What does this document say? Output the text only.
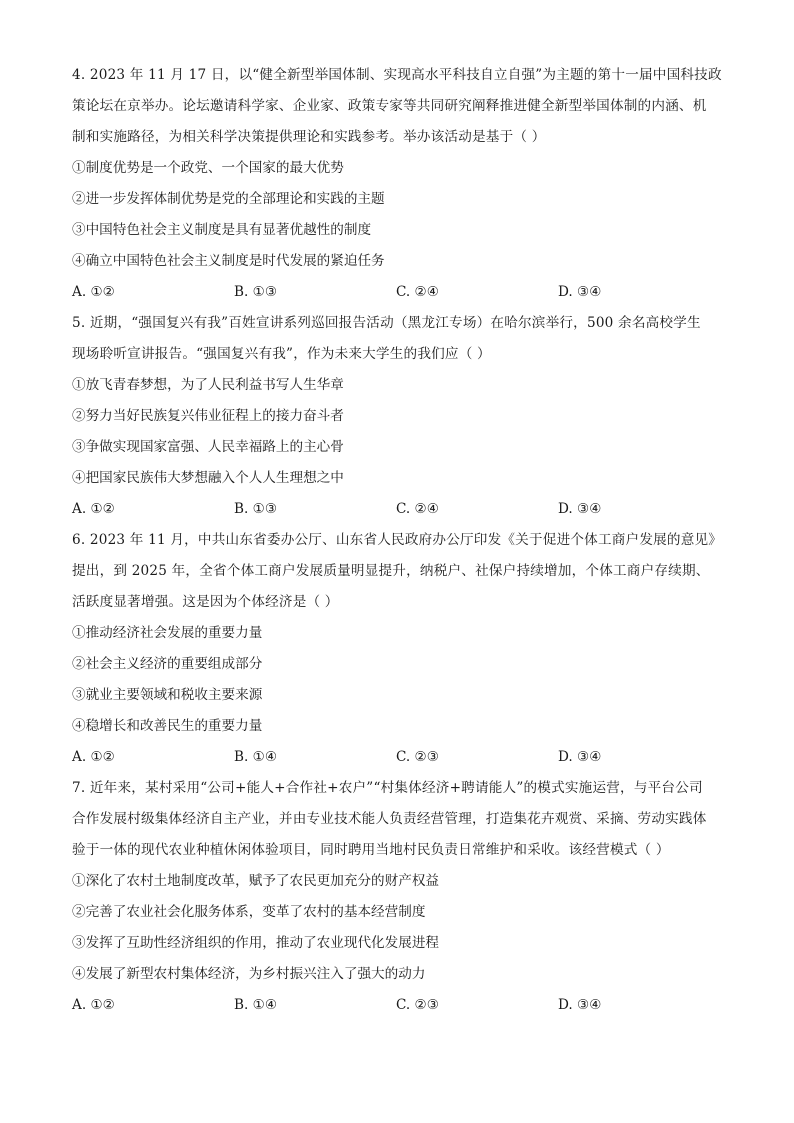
4. 2023 年 11 月 17 日，以“健全新型举国体制、实现高水平科技自立自强”为主题的第十一届中国科技政

策论坛在京举办。论坛邀请科学家、企业家、政策专家等共同研究阐释推进健全新型举国体制的内涵、机

制和实施路径，为相关科学决策提供理论和实践参考。举办该活动是基于（ ）

①制度优势是一个政党、一个国家的最大优势

②进一步发挥体制优势是党的全部理论和实践的主题

③中国特色社会主义制度是具有显著优越性的制度

④确立中国特色社会主义制度是时代发展的紧迫任务

A. ①②	B. ①③	C. ②④	D. ③④

5. 近期，“强国复兴有我”百姓宣讲系列巡回报告活动（黑龙江专场）在哈尔滨举行，500 余名高校学生

现场聆听宣讲报告。“强国复兴有我”，作为未来大学生的我们应（ ）

①放飞青春梦想，为了人民利益书写人生华章

②努力当好民族复兴伟业征程上的接力奋斗者

③争做实现国家富强、人民幸福路上的主心骨

④把国家民族伟大梦想融入个人人生理想之中

A. ①②	B. ①③	C. ②④	D. ③④

6. 2023 年 11 月，中共山东省委办公厅、山东省人民政府办公厅印发《关于促进个体工商户发展的意见》

提出，到 2025 年，全省个体工商户发展质量明显提升，纳税户、社保户持续增加，个体工商户存续期、

活跃度显著增强。这是因为个体经济是（ ）

①推动经济社会发展的重要力量

②社会主义经济的重要组成部分

③就业主要领域和税收主要来源

④稳增长和改善民生的重要力量

A. ①②	B. ①④	C. ②③	D. ③④

7. 近年来，某村采用“公司+能人+合作社+农户”“村集体经济+聘请能人”的模式实施运营，与平台公司

合作发展村级集体经济自主产业，并由专业技术能人负责经营管理，打造集花卉观赏、采摘、劳动实践体

验于一体的现代农业种植休闲体验项目，同时聘用当地村民负责日常维护和采收。该经营模式（ ）

①深化了农村土地制度改革，赋予了农民更加充分的财产权益

②完善了农业社会化服务体系，变革了农村的基本经营制度

③发挥了互助性经济组织的作用，推动了农业现代化发展进程

④发展了新型农村集体经济，为乡村振兴注入了强大的动力

A. ①②	B. ①④	C. ②③	D. ③④
